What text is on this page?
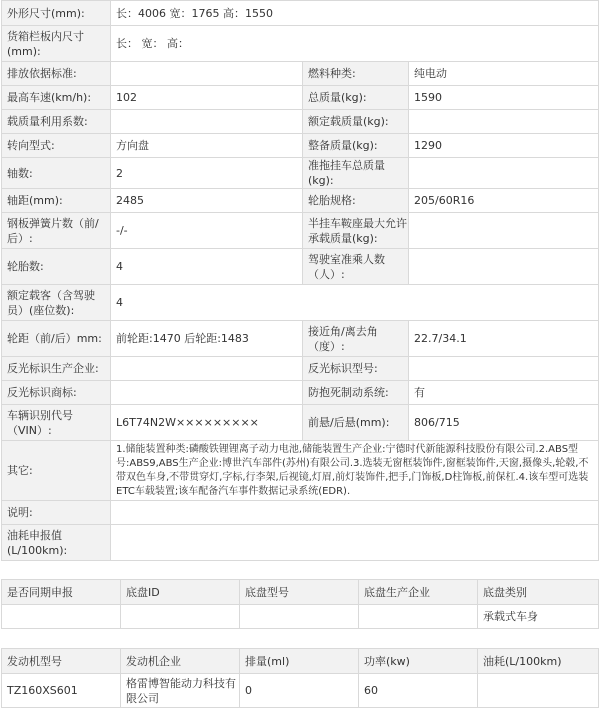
外形尺寸(mm):	长：4006 宽：1765 高：1550		
货箱栏板内尺寸(mm):	长： 宽： 高：		
排放依据标准:		燃料种类:	纯电动
最高车速(km/h):	102	总质量(kg):	1590
载质量利用系数:		额定载质量(kg):	
转向型式:	方向盘	整备质量(kg):	1290
轴数:	2	准拖挂车总质量(kg):	
轴距(mm):	2485	轮胎规格:	205/60R16
钢板弹簧片数（前/后）:	-/-	半挂车鞍座最大允许承载质量(kg):	
轮胎数:	4	驾驶室准乘人数（人）:	
额定载客（含驾驶员）(座位数):	4		
轮距（前/后）mm:	前轮距:1470 后轮距:1483	接近角/离去角（度）:	22.7/34.1
反光标识生产企业:		反光标识型号:	
反光标识商标:		防抱死制动系统:	有
车辆识别代号（VIN）:	L6T74N2W×××××××××	前悬/后悬(mm):	806/715
其它:	1.储能装置种类:磷酸铁锂锂离子动力电池,储能装置生产企业:宁德时代新能源科技股份有限公司.2.ABS型号:ABS9,ABS生产企业:博世汽车部件(苏州)有限公司.3.选装无窗框装饰件,窗框装饰件,天窗,摄像头,轮毂,不带双色车身,不带贯穿灯,字标,行李架,后视镜,灯眉,前灯装饰件,把手,门饰板,D柱饰板,前保杠.4.该车型可选装ETC车载装置;该车配备汽车事件数据记录系统(EDR).		
说明:			
油耗申报值(L/100km):			
是否同期申报	底盘ID	底盘型号	底盘生产企业	底盘类别
				承载式车身
发动机型号	发动机企业	排量(ml)	功率(kw)	油耗(L/100km)
TZ160XS601	格雷博智能动力科技有限公司	0	60	
